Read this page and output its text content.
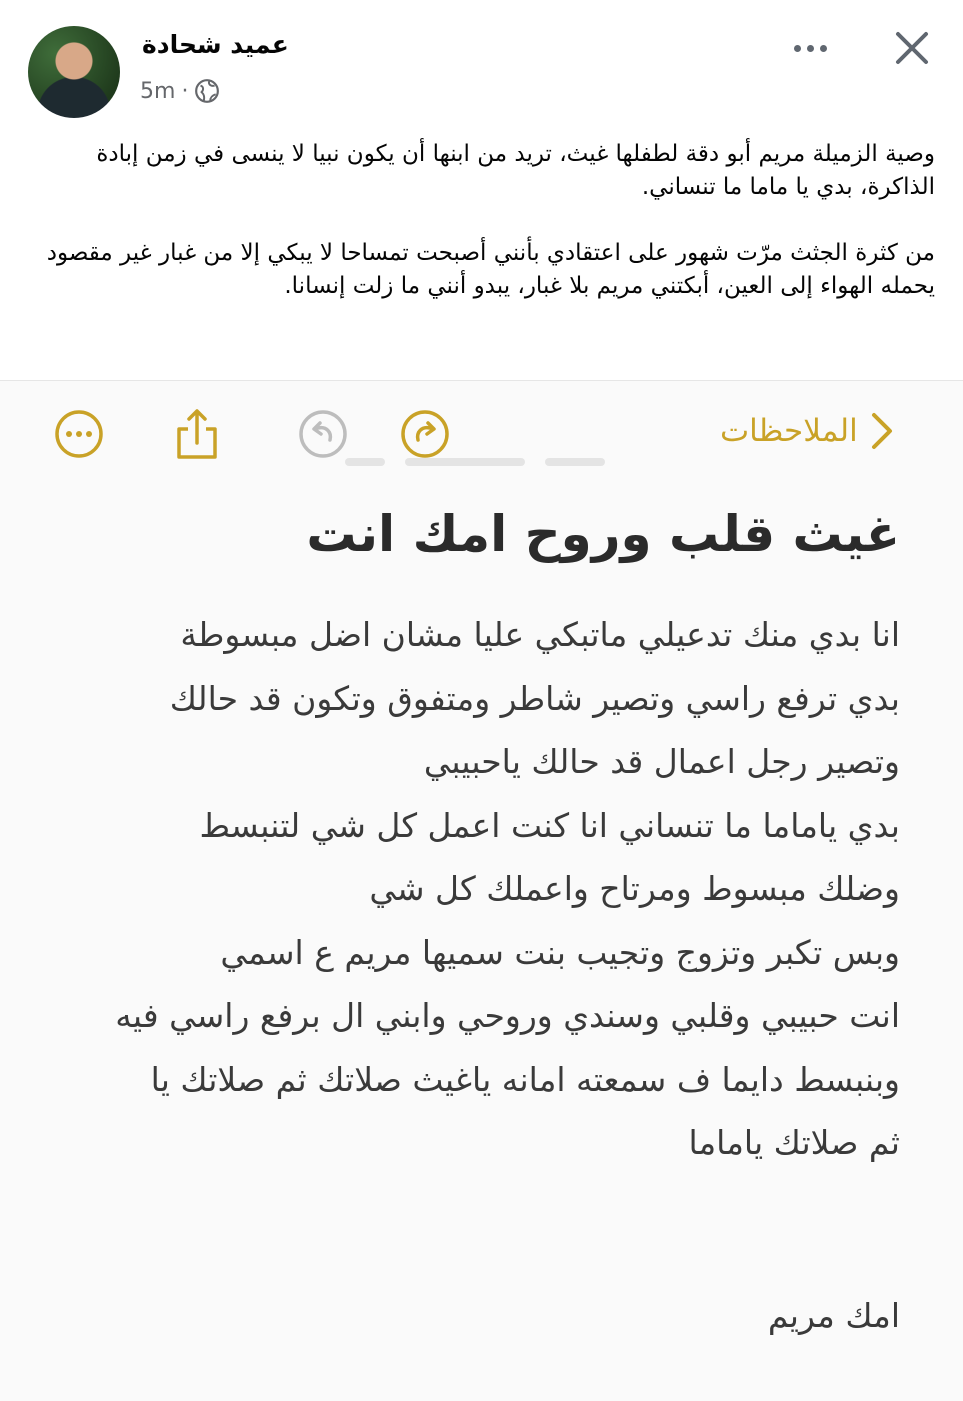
عميد شحادة
5m ·

وصية الزميلة مريم أبو دقة لطفلها غيث، تريد من ابنها أن يكون نبيا لا ينسى في زمن إبادة الذاكرة، بدي يا ماما ما تنساني.

من كثرة الجثث مرّت شهور على اعتقادي بأنني أصبحت تمساحا لا يبكي إلا من غبار غير مقصود يحمله الهواء إلى العين، أبكتني مريم بلا غبار، يبدو أنني ما زلت إنسانا.

الملاحظات
غيث قلب وروح امك انت
انا بدي منك تدعيلي ماتبكي عليا مشان اضل مبسوطة
بدي ترفع راسي وتصير شاطر ومتفوق وتكون قد حالك
وتصير رجل اعمال قد حالك ياحبيبي
بدي ياماما ما تنساني انا كنت اعمل كل شي لتنبسط
وضلك مبسوط ومرتاح واعملك كل شي
وبس تكبر وتزوج وتجيب بنت سميها مريم ع اسمي
انت حبيبي وقلبي وسندي وروحي وابني ال برفع راسي فيه
وبنبسط دايما ف سمعته امانه ياغيث صلاتك ثم صلاتك يا
ثم صلاتك ياماما
امك مريم
